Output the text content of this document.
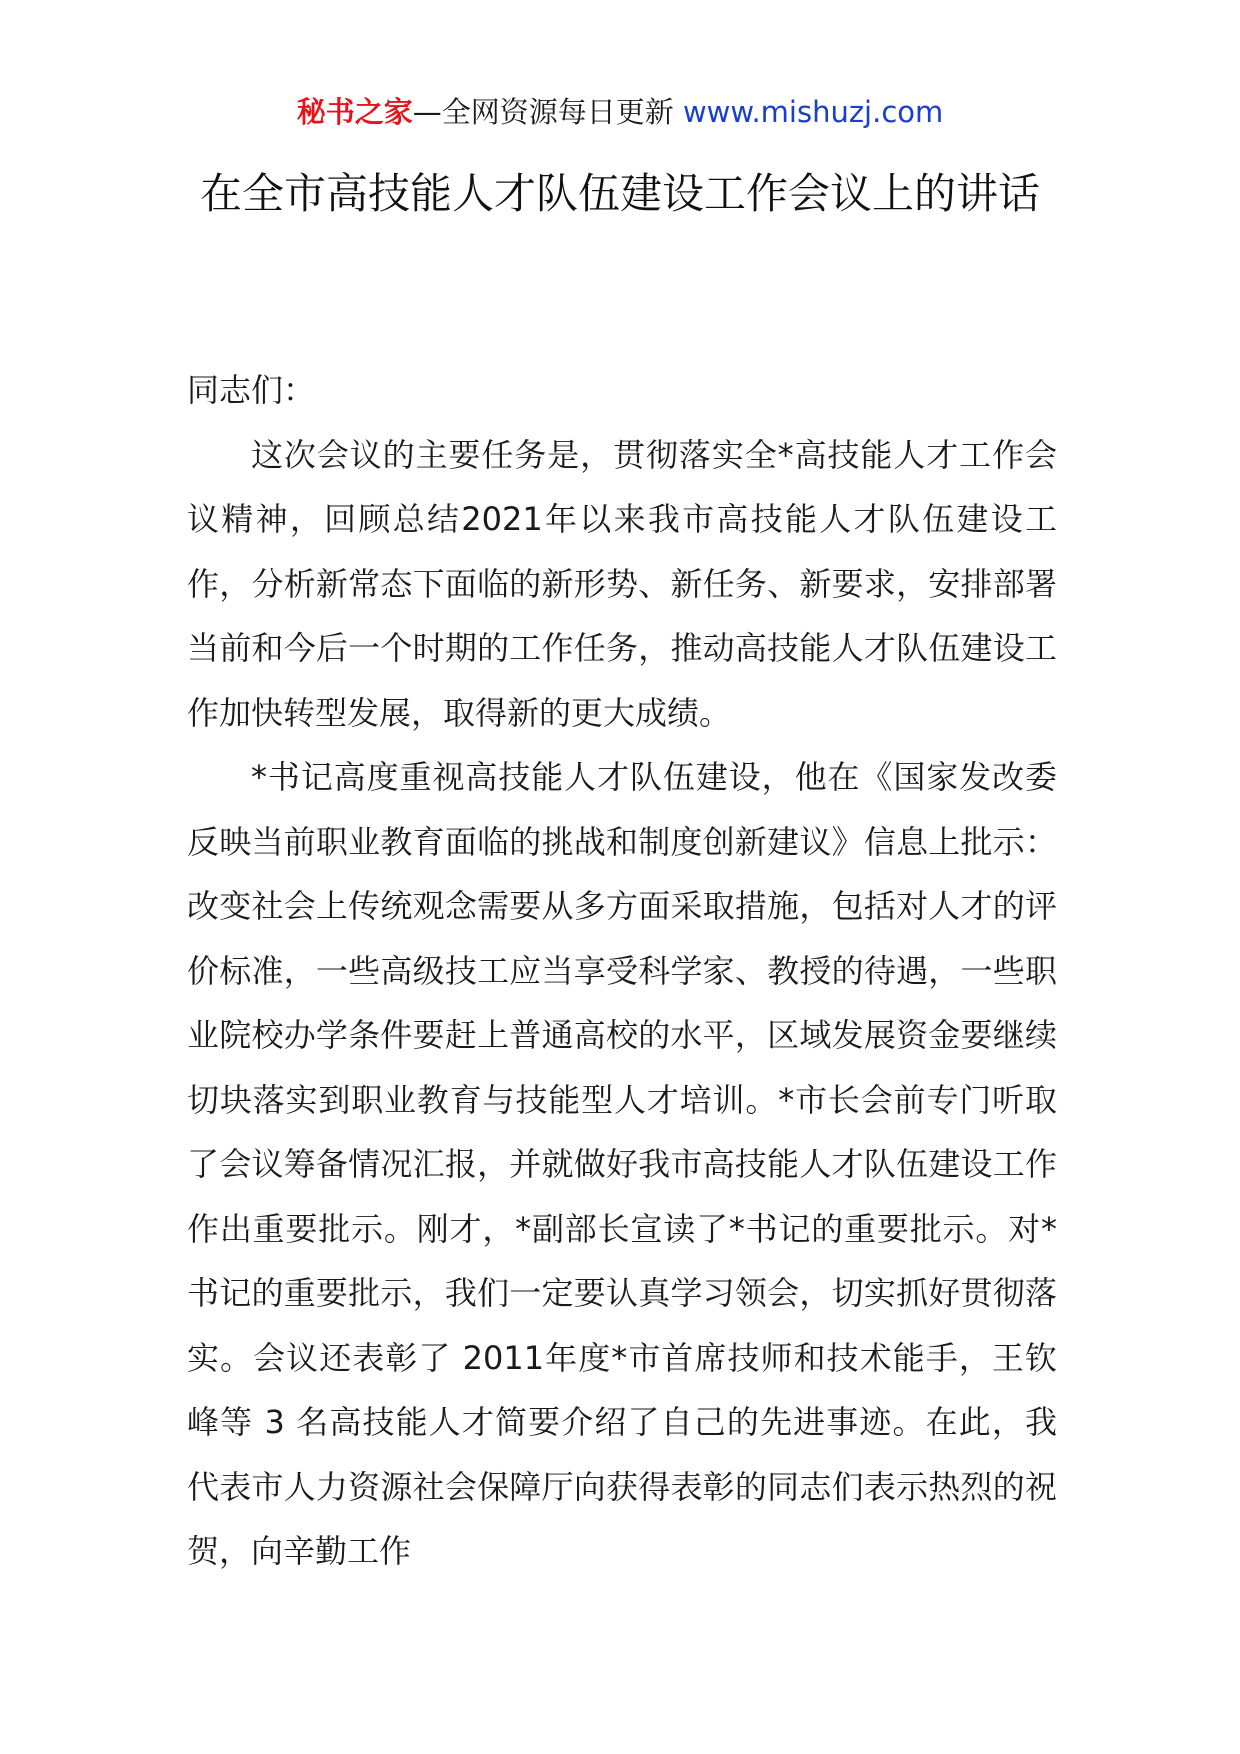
秘书之家—全网资源每日更新 www.mishuzj.com
在全市高技能人才队伍建设工作会议上的讲话

同志们：

这次会议的主要任务是，贯彻落实全*高技能人才工作会议精神，回顾总结2021年以来我市高技能人才队伍建设工作，分析新常态下面临的新形势、新任务、新要求，安排部署当前和今后一个时期的工作任务，推动高技能人才队伍建设工作加快转型发展，取得新的更大成绩。

*书记高度重视高技能人才队伍建设，他在《国家发改委反映当前职业教育面临的挑战和制度创新建议》信息上批示：改变社会上传统观念需要从多方面采取措施，包括对人才的评价标准，一些高级技工应当享受科学家、教授的待遇，一些职业院校办学条件要赶上普通高校的水平，区域发展资金要继续切块落实到职业教育与技能型人才培训。*市长会前专门听取了会议筹备情况汇报，并就做好我市高技能人才队伍建设工作作出重要批示。刚才，*副部长宣读了*书记的重要批示。对*书记的重要批示，我们一定要认真学习领会，切实抓好贯彻落实。会议还表彰了 2011年度*市首席技师和技术能手，王钦峰等 3 名高技能人才简要介绍了自己的先进事迹。在此，我代表市人力资源社会保障厅向获得表彰的同志们表示热烈的祝贺，向辛勤工作
